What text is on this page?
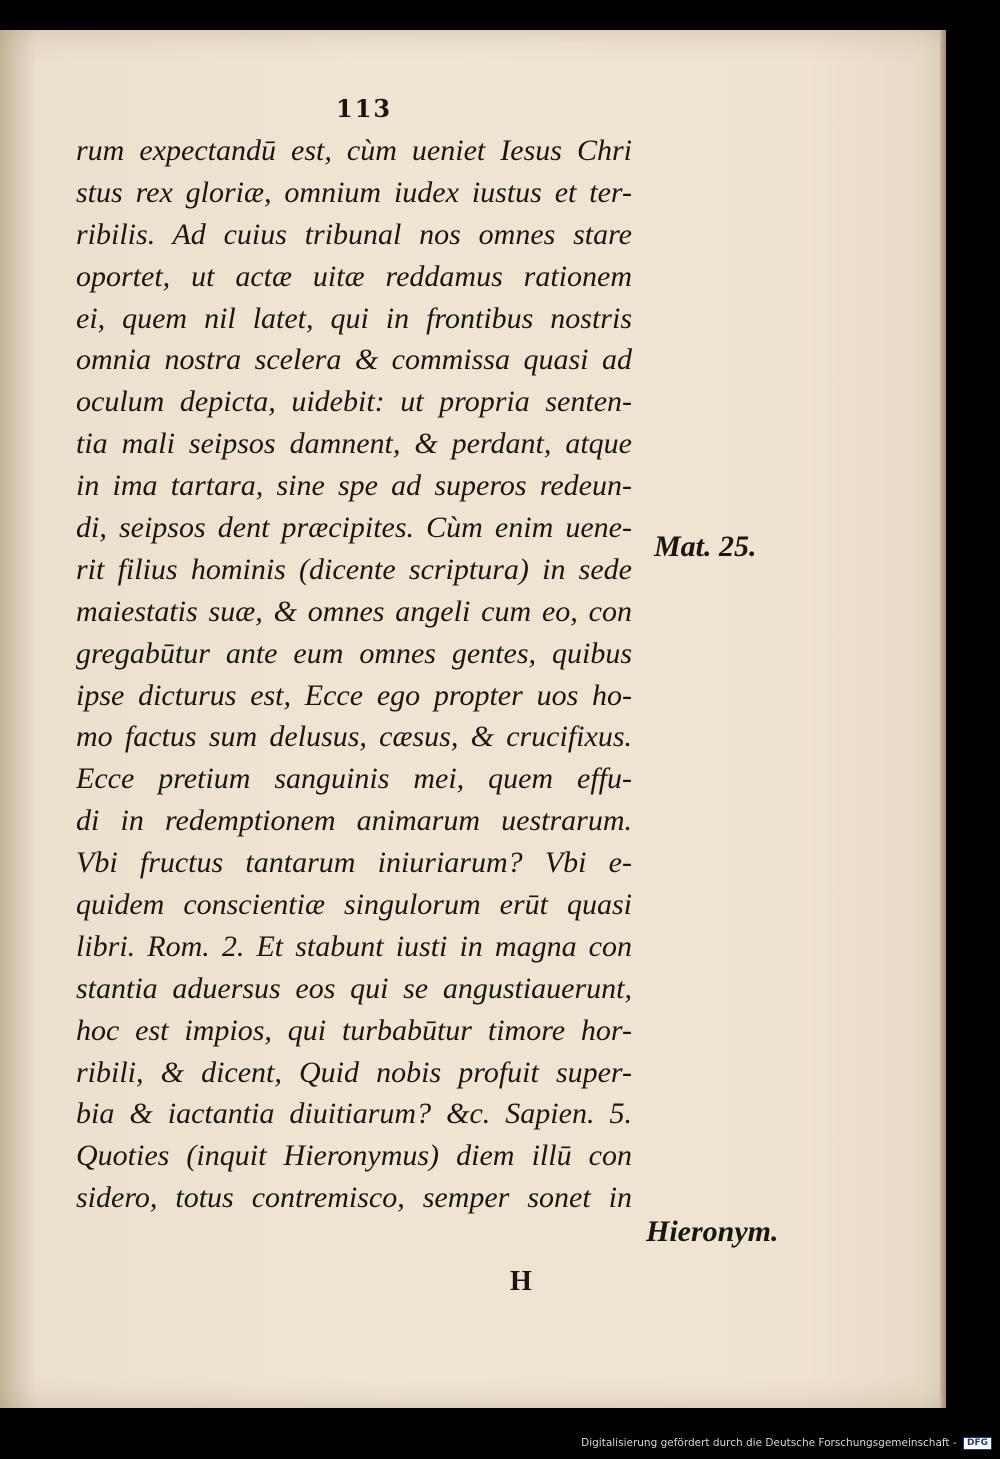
113
rum expectandū est, cùm ueniet Iesus Chri
stus rex gloriæ, omnium iudex iustus et ter-
ribilis. Ad cuius tribunal nos omnes stare
oportet, ut actæ uitæ reddamus rationem
ei, quem nil latet, qui in frontibus nostris
omnia nostra scelera & commissa quasi ad
oculum depicta, uidebit: ut propria senten-
tia mali seipsos damnent, & perdant, atque
in ima tartara, sine spe ad superos redeun-
di, seipsos dent præcipites. Cùm enim uene-
rit filius hominis (dicente scriptura) in sede
maiestatis suæ, & omnes angeli cum eo, con
gregabūtur ante eum omnes gentes, quibus
ipse dicturus est, Ecce ego propter uos ho-
mo factus sum delusus, cæsus, & crucifixus.
Ecce pretium sanguinis mei, quem effu-
di in redemptionem animarum uestrarum.
Vbi fructus tantarum iniuriarum? Vbi e-
quidem conscientiæ singulorum erūt quasi
libri. Rom. 2. Et stabunt iusti in magna con
stantia aduersus eos qui se angustiauerunt,
hoc est impios, qui turbabūtur timore hor-
ribili, & dicent, Quid nobis profuit super-
bia & iactantia diuitiarum? &c. Sapien. 5.
Quoties (inquit Hieronymus) diem illū con
sidero, totus contremisco, semper sonet in
Mat. 25.
Hieronym.
H
Digitalisierung gefördert durch die Deutsche Forschungsgemeinschaft - DFG
